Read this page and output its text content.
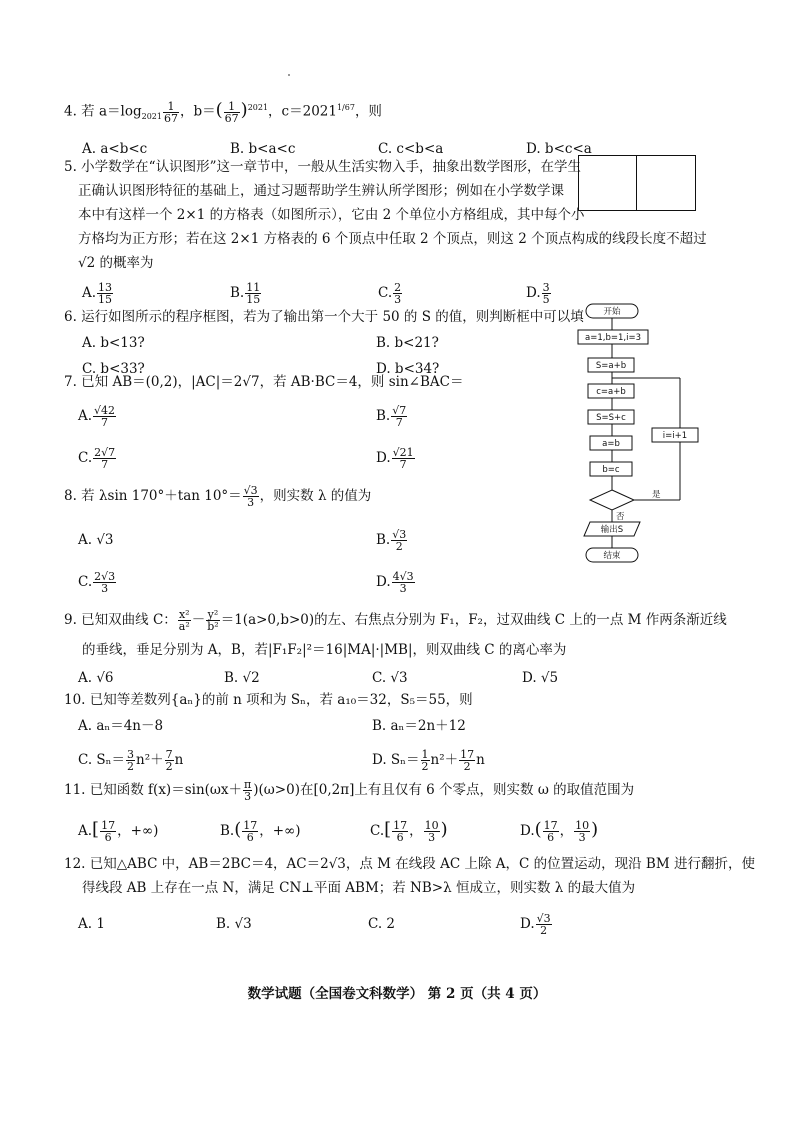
4. 若 $a=\log_{2021} \frac{1}{67}$ ，$b=( \frac{1}{67} )^{2021}$，$c=2021^{1/67}$，则
A. a<b<c	B. b<a<c	C. c<b<a	D. b<c<a
5. 小学数学在“认识图形”这一章节中，一般从生活实物入手，抽象出数学图形，在学生
正确认识图形特征的基础上，通过习题帮助学生辨认所学图形；例如在小学数学课
本中有这样一个 2×1 的方格表（如图所示），它由 2 个单位小方格组成，其中每个小
方格均为正方形；若在这 2×1 方格表的 6 个顶点中任取 2 个顶点，则这 2 个顶点构成的线段长度不超过
√2 的概率为
A. $\frac{13}{15}$	B. $\frac{11}{15}$	C. $\frac{2}{3}$	D. $\frac{3}{5}$
6. 运行如图所示的程序框图，若为了输出第一个大于 50 的 S 的值，则判断框中可以填
A. b<13?	B. b<21?
C. b<33?	D. b<34?
开始
a=1,b=1,i=3
S=a+b
c=a+b
S=S+c
a=b
b=c
是
i=i+1
否
输出S
结束
7. 已知 AB＝(0,2)，|AC|＝2√7，若 AB·BC＝4，则 sin∠BAC＝
A. $\frac{√42}{7}$	B. $\frac{√7}{7}$
C. $\frac{2√7}{7}$	D. $\frac{√21}{7}$
8. 若 λsin 170°＋tan $10^\circ= \frac{√3}{3}$ ，则实数 λ 的值为
A. √3	B. $\frac{√3}{2}$
C. $\frac{2√3}{3}$	D. $\frac{4√3}{3}$
9. 已知双曲线 C： $\frac{\text{x²}}{\text{a²}} - \frac{\text{y²}}{\text{b²}} =1(a>0,b>0)$的左、右焦点分别为 F₁，F₂，过双曲线 C 上的一点 M 作两条渐近线
的垂线，垂足分别为 A，B，若|F₁F₂|²＝16|MA|·|MB|，则双曲线 C 的离心率为
A. √6	B. √2	C. √3	D. √5
10. 已知等差数列{aₙ}的前 n 项和为 Sₙ，若 a₁₀＝32，S₅＝55，则
A. aₙ＝4n－8	B. aₙ＝2n＋12
C. $S_n= \frac{3}{2} n^2+ \frac{7}{2}$ n	D. $S_n= \frac{1}{2} n^2+ \frac{17}{2}$ n
11. 已知函数 $f(x)=\sin(\omega x+ \frac{\pi}{3} )(\omega>0)$在[0,2π]上有且仅有 6 个零点，则实数 ω 的取值范围为
$A.[ \frac{17}{6}$ ，+∞)	$B.( \frac{17}{6}$ ，+∞)	$C.[ \frac{17}{6}$ ， $\frac{10}{3}$ )	$D.( \frac{17}{6}$ ， $\frac{10}{3}$ )
12. 已知△ABC 中，AB＝2BC＝4，AC＝2√3，点 M 在线段 AC 上除 A，C 的位置运动，现沿 BM 进行翻折，使
得线段 AB 上存在一点 N，满足 CN⊥平面 ABM；若 NB>λ 恒成立，则实数 λ 的最大值为
A. 1	B. √3	C. 2	D. $\frac{√3}{2}$
数学试题（全国卷文科数学） 第 2 页（共 4 页）
